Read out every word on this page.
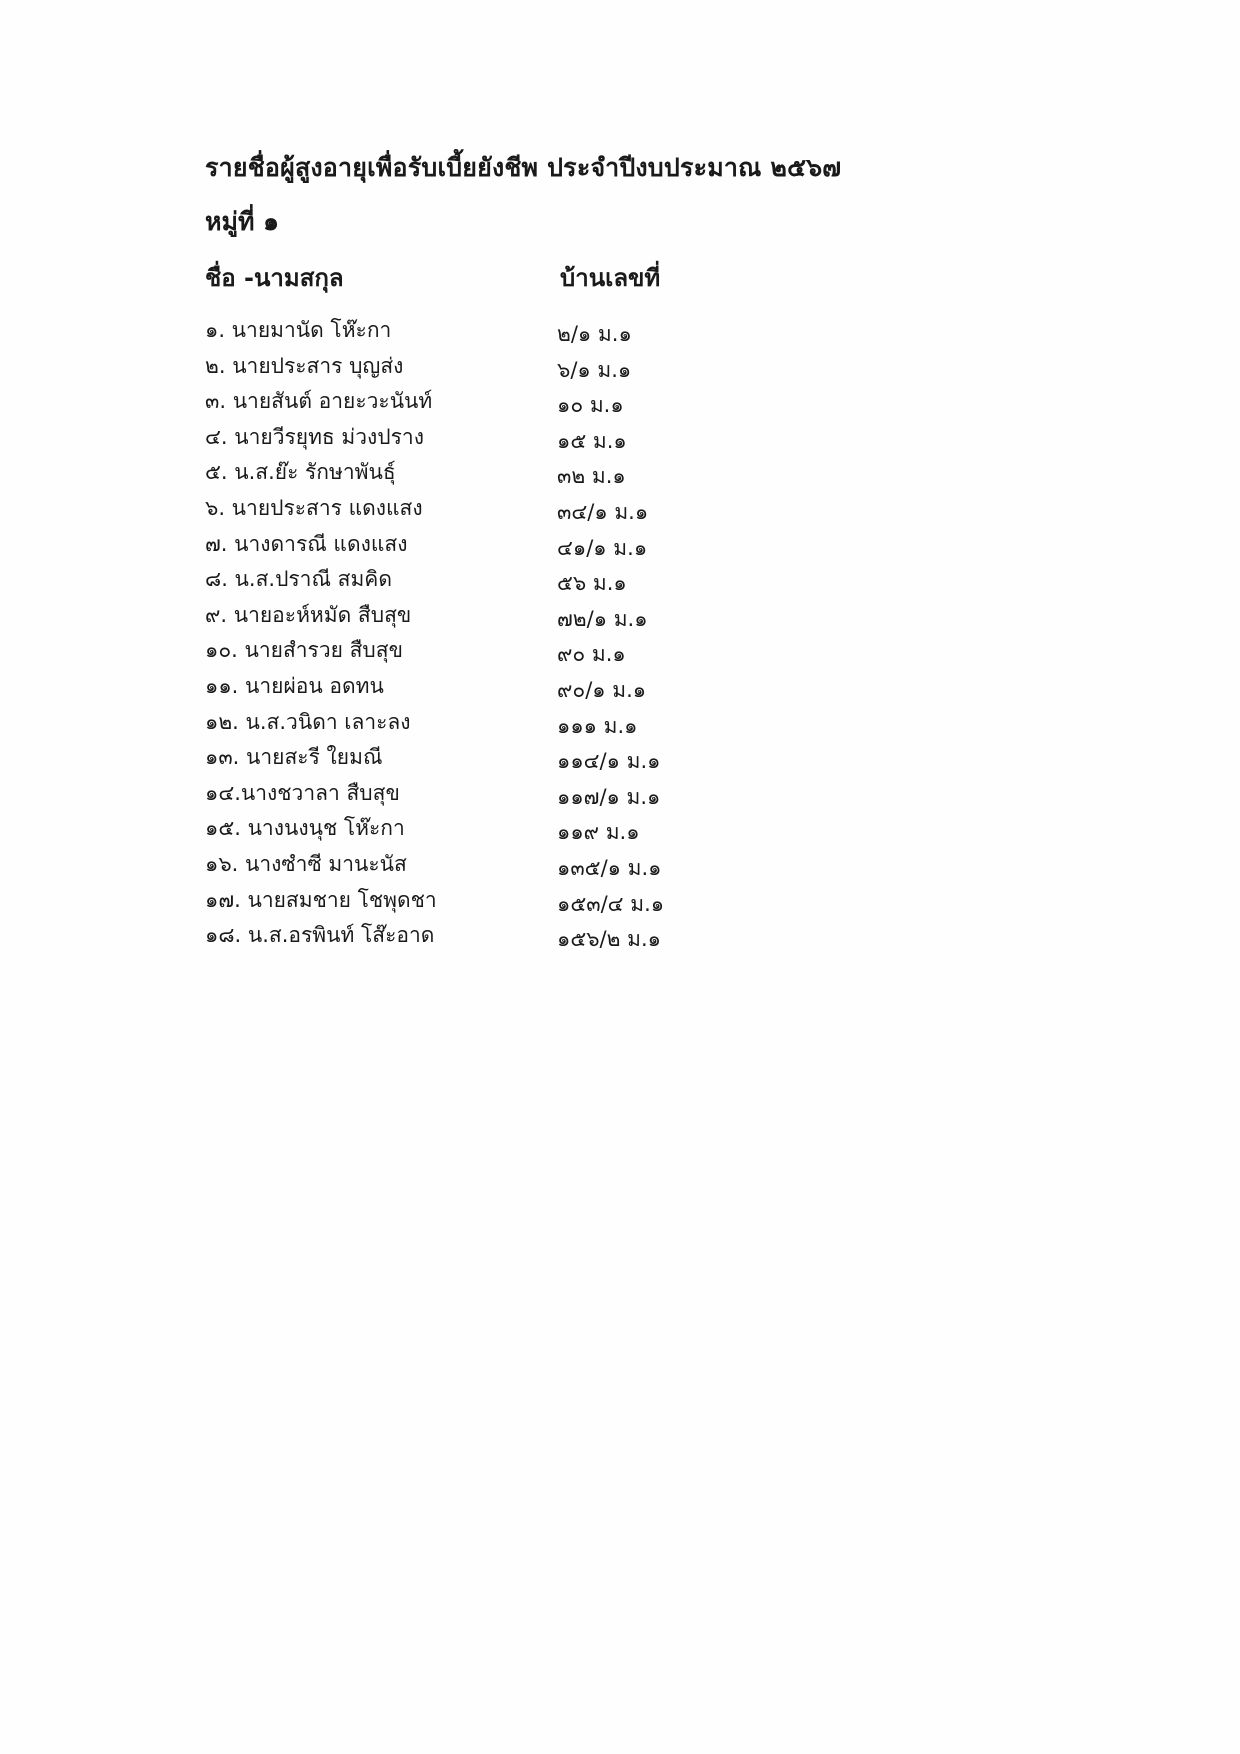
รายชื่อผู้สูงอายุเพื่อรับเบี้ยยังชีพ ประจำปีงบประมาณ ๒๕๖๗
หมู่ที่ ๑
ชื่อ -นามสกุล	บ้านเลขที่
๑. นายมานัด โห๊ะกา	๒/๑ ม.๑
๒. นายประสาร บุญส่ง	๖/๑ ม.๑
๓. นายสันต์ อายะวะนันท์	๑๐ ม.๑
๔. นายวีรยุทธ ม่วงปราง	๑๕ ม.๑
๕. น.ส.ย๊ะ รักษาพันธุ์	๓๒ ม.๑
๖. นายประสาร แดงแสง	๓๔/๑ ม.๑
๗. นางดารณี แดงแสง	๔๑/๑ ม.๑
๘. น.ส.ปราณี สมคิด	๕๖ ม.๑
๙. นายอะห์หมัด สืบสุข	๗๒/๑ ม.๑
๑๐. นายสำรวย สืบสุข	๙๐ ม.๑
๑๑. นายผ่อน อดทน	๙๐/๑ ม.๑
๑๒. น.ส.วนิดา เลาะลง	๑๑๑ ม.๑
๑๓. นายสะรี ใยมณี	๑๑๔/๑ ม.๑
๑๔.นางชวาลา สืบสุข	๑๑๗/๑ ม.๑
๑๕. นางนงนุช โห๊ะกา	๑๑๙ ม.๑
๑๖. นางซำซี มานะนัส	๑๓๕/๑ ม.๑
๑๗. นายสมชาย โชพุดชา	๑๕๓/๔ ม.๑
๑๘. น.ส.อรพินท์ โส๊ะอาด	๑๕๖/๒ ม.๑
